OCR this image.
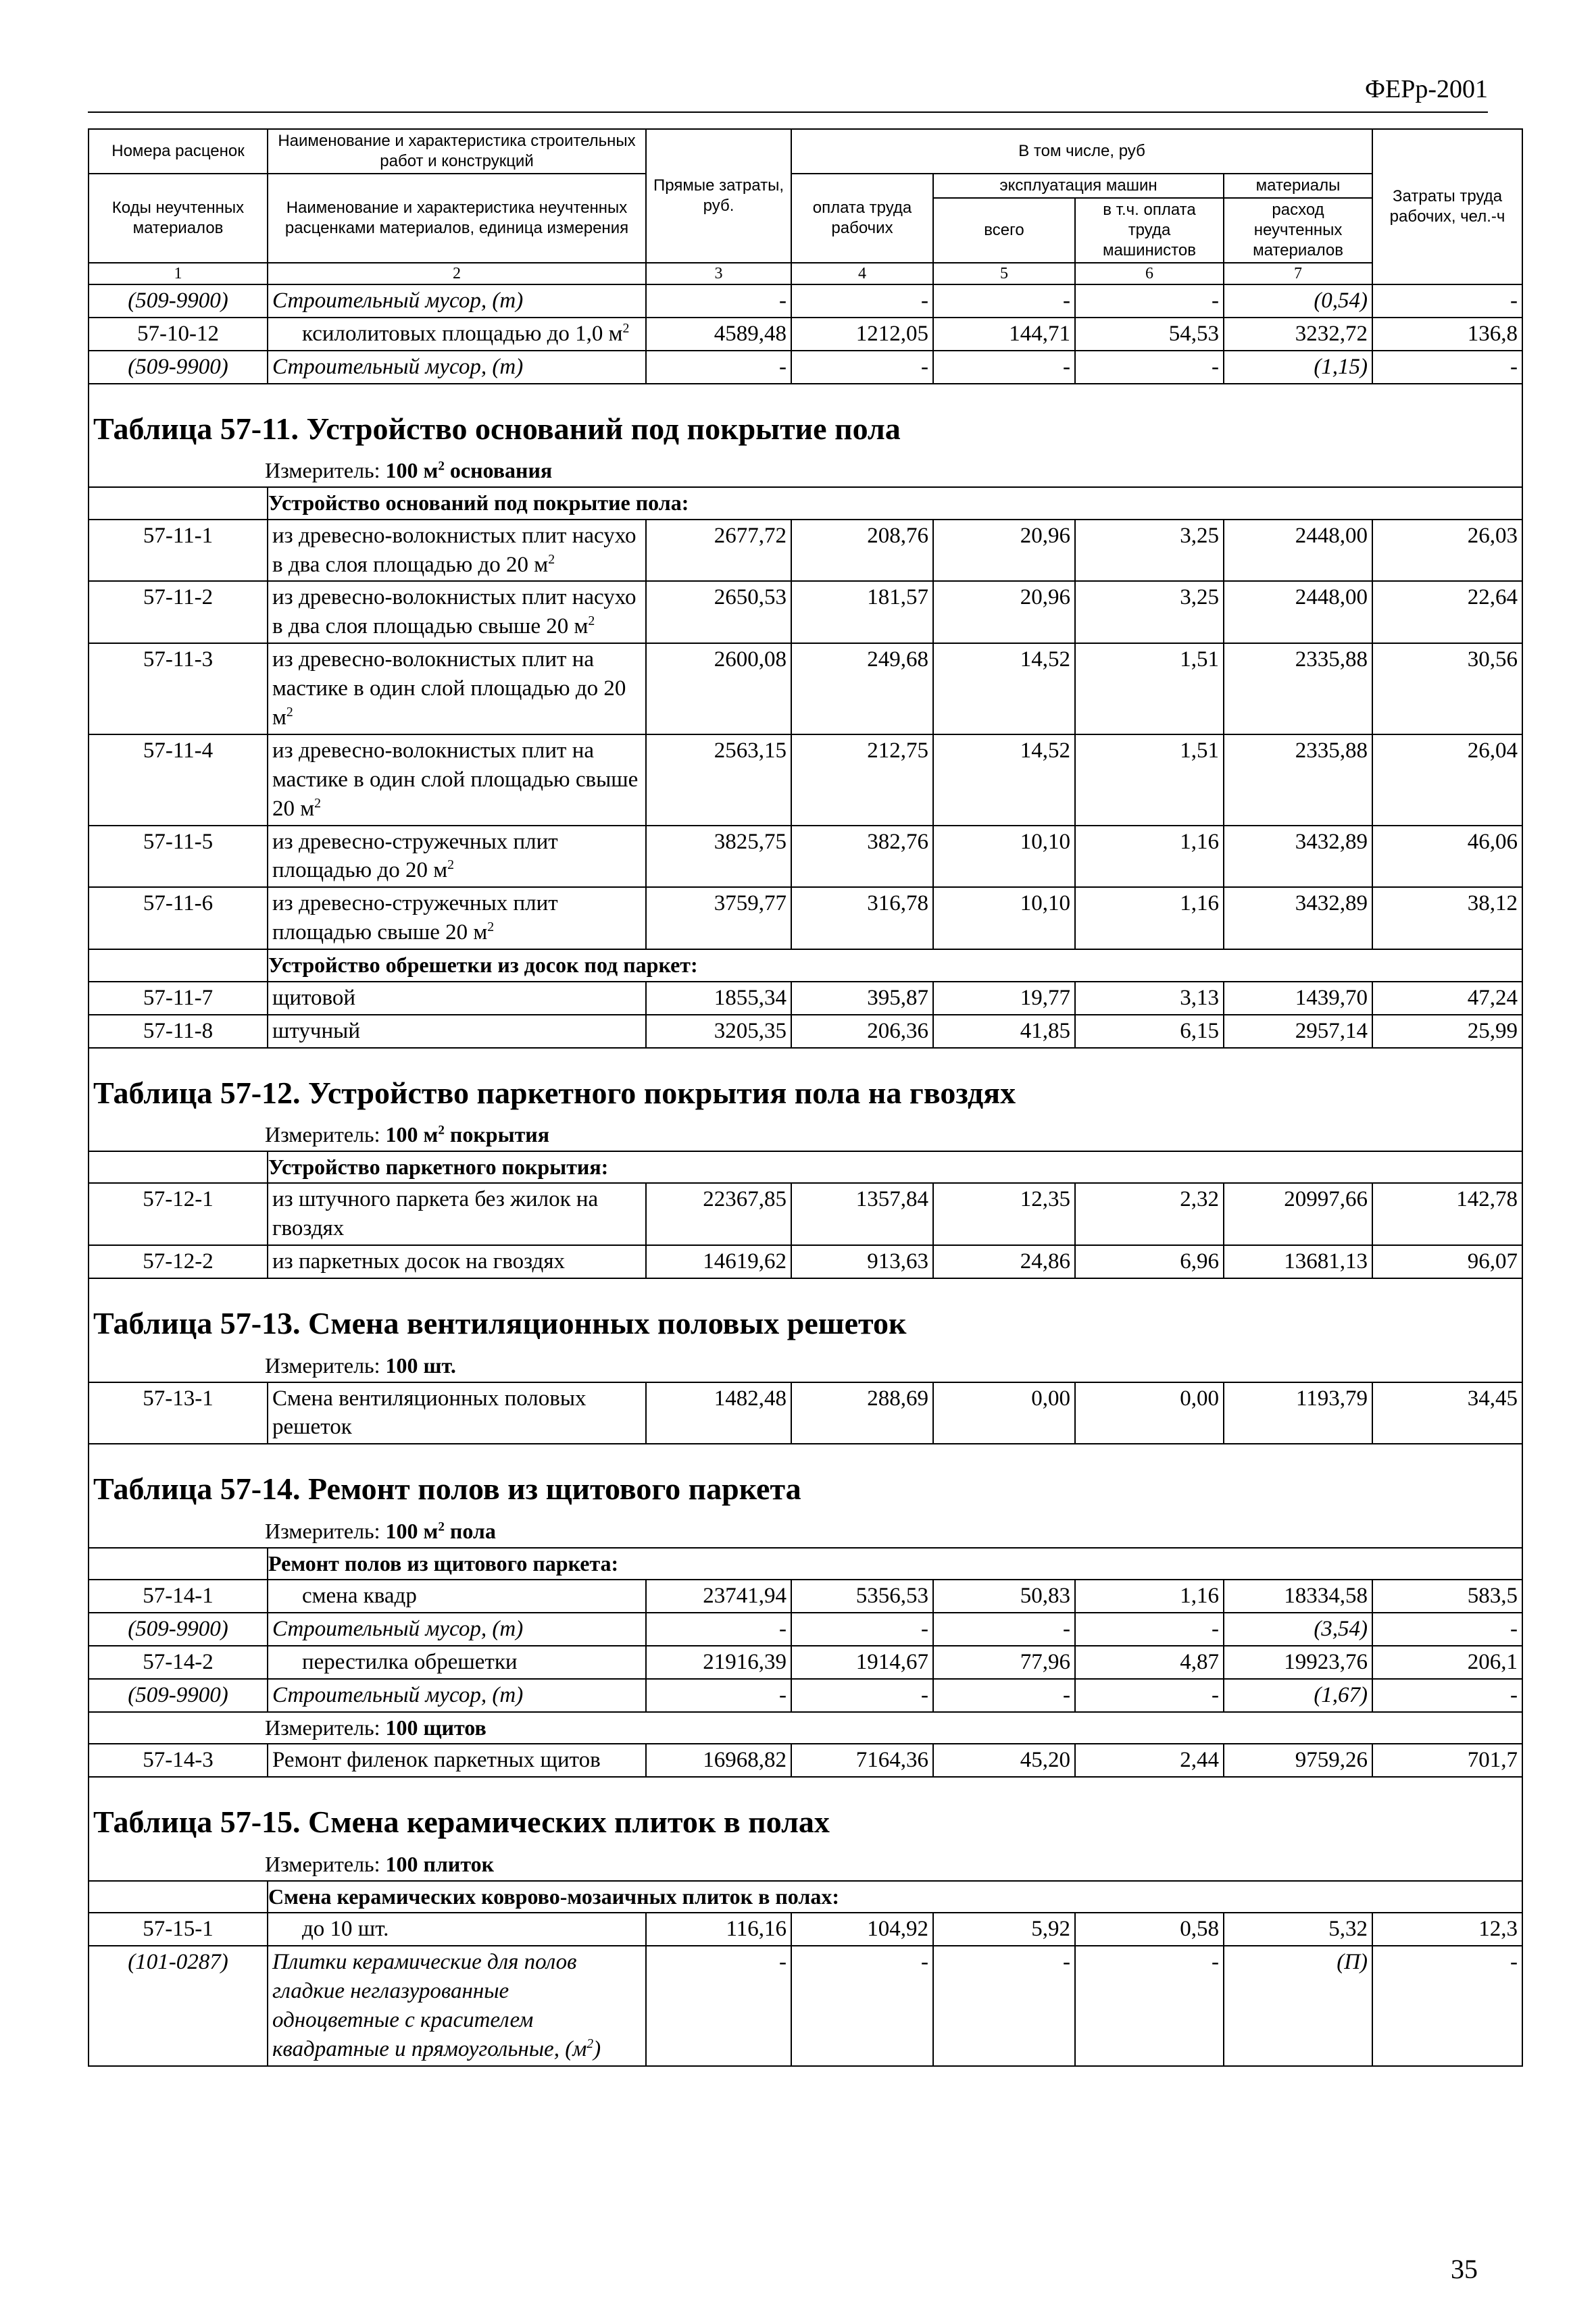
ФЕРр-2001
Номера расценок	Наименование и характеристика строительных работ и конструкций	Прямые затраты, руб.	В том числе, руб				Затраты труда рабочих, чел.-ч
Коды неучтенных материалов	Наименование и характеристика неучтенных расценками материалов, единица измерения		оплата труда рабочих	эксплуатация машин		материалы	
				всего	в т.ч. оплата труда машинистов	расход неучтенных материалов	
1	2	3	4	5	6	7	
(509-9900)	Строительный мусор, (т)	-	-	-	-	(0,54)	-
57-10-12	ксилолитовых площадью до 1,0 $м^2$	4589,48	1212,05	144,71	54,53	3232,72	136,8
(509-9900)	Строительный мусор, (т)	-	-	-	-	(1,15)	-
Таблица 57-11. Устройство оснований под покрытие пола							
Измеритель: 100 $м^2$ основания							
	Устройство оснований под покрытие пола:						
57-11-1	из древесно-волокнистых плит насухо в два слоя площадью до 20 $м^2$	2677,72	208,76	20,96	3,25	2448,00	26,03
57-11-2	из древесно-волокнистых плит насухо в два слоя площадью свыше 20 $м^2$	2650,53	181,57	20,96	3,25	2448,00	22,64
57-11-3	из древесно-волокнистых плит на мастике в один слой площадью до 20 $м^2$	2600,08	249,68	14,52	1,51	2335,88	30,56
57-11-4	из древесно-волокнистых плит на мастике в один слой площадью свыше 20 $м^2$	2563,15	212,75	14,52	1,51	2335,88	26,04
57-11-5	из древесно-стружечных плит площадью до 20 $м^2$	3825,75	382,76	10,10	1,16	3432,89	46,06
57-11-6	из древесно-стружечных плит площадью свыше 20 $м^2$	3759,77	316,78	10,10	1,16	3432,89	38,12
	Устройство обрешетки из досок под паркет:						
57-11-7	щитовой	1855,34	395,87	19,77	3,13	1439,70	47,24
57-11-8	штучный	3205,35	206,36	41,85	6,15	2957,14	25,99
Таблица 57-12. Устройство паркетного покрытия пола на гвоздях							
Измеритель: 100 $м^2$ покрытия							
	Устройство паркетного покрытия:						
57-12-1	из штучного паркета без жилок на гвоздях	22367,85	1357,84	12,35	2,32	20997,66	142,78
57-12-2	из паркетных досок на гвоздях	14619,62	913,63	24,86	6,96	13681,13	96,07
Таблица 57-13. Смена вентиляционных половых решеток							
Измеритель: 100 шт.							
57-13-1	Смена вентиляционных половых решеток	1482,48	288,69	0,00	0,00	1193,79	34,45
Таблица 57-14. Ремонт полов из щитового паркета							
Измеритель: 100 $м^2$ пола							
	Ремонт полов из щитового паркета:						
57-14-1	смена квадр	23741,94	5356,53	50,83	1,16	18334,58	583,5
(509-9900)	Строительный мусор, (т)	-	-	-	-	(3,54)	-
57-14-2	перестилка обрешетки	21916,39	1914,67	77,96	4,87	19923,76	206,1
(509-9900)	Строительный мусор, (т)	-	-	-	-	(1,67)	-
Измеритель: 100 щитов							
57-14-3	Ремонт филенок паркетных щитов	16968,82	7164,36	45,20	2,44	9759,26	701,7
Таблица 57-15. Смена керамических плиток в полах							
Измеритель: 100 плиток							
	Смена керамических коврово-мозаичных плиток в полах:						
57-15-1	до 10 шт.	116,16	104,92	5,92	0,58	5,32	12,3
(101-0287)	Плитки керамические для полов гладкие неглазурованные одноцветные с красителем квадратные и прямоугольные, $(м^2)$	-	-	-	-	(П)	-
35
